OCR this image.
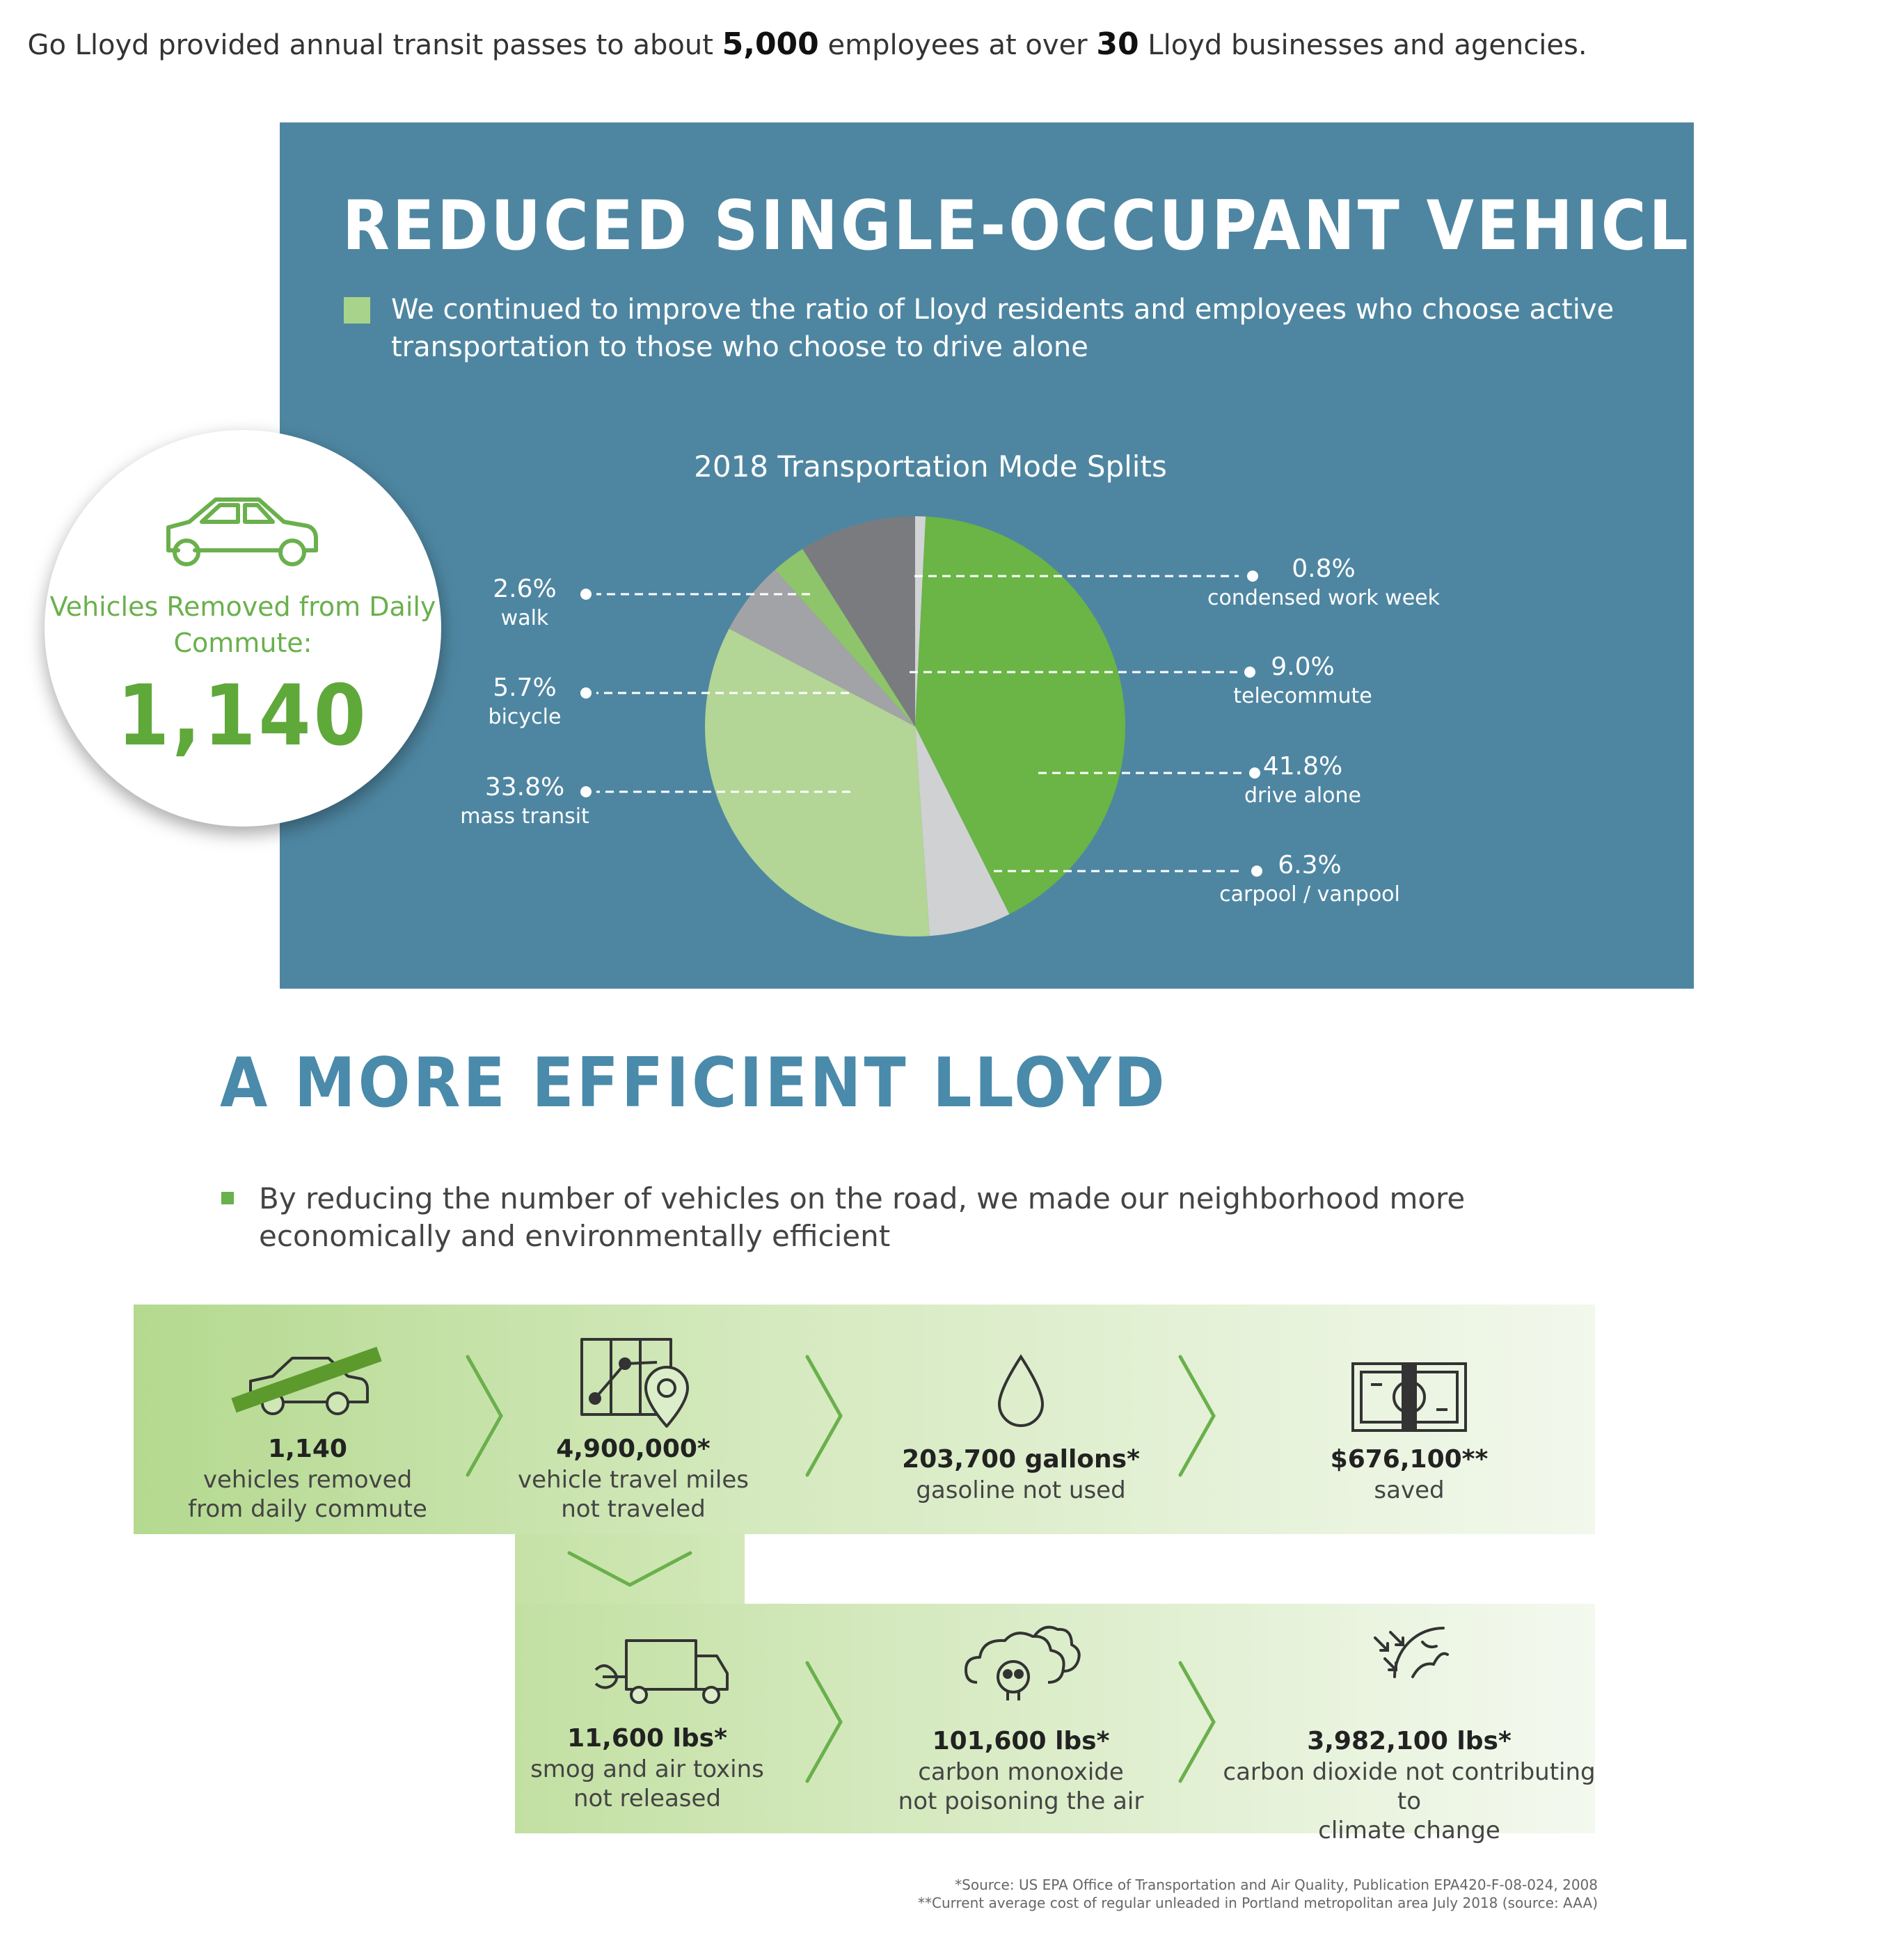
Go Lloyd provided annual transit passes to about 5,000 employees at over 30 Lloyd businesses and agencies.
REDUCED SINGLE-OCCUPANT VEHICLE USE
We continued to improve the ratio of Lloyd residents and employees who choose active transportation to those who choose to drive alone
2018 Transportation Mode Splits
0.8%
condensed work week
9.0%
telecommute
41.8%
drive alone
6.3%
carpool / vanpool
2.6%
walk
5.7%
bicycle
33.8%
mass transit
Vehicles Removed from Daily Commute:
1,140
A MORE EFFICIENT LLOYD
By reducing the number of vehicles on the road, we made our neighborhood more economically and environmentally efficient
1,140
vehicles removed
from daily commute
4,900,000*
vehicle travel miles
not traveled
203,700 gallons*
gasoline not used
$676,100**
saved
11,600 lbs*
smog and air toxins
not released
101,600 lbs*
carbon monoxide
not poisoning the air
3,982,100 lbs*
carbon dioxide not contributing to
climate change
*Source: US EPA Office of Transportation and Air Quality, Publication EPA420-F-08-024, 2008
**Current average cost of regular unleaded in Portland metropolitan area July 2018 (source: AAA)
